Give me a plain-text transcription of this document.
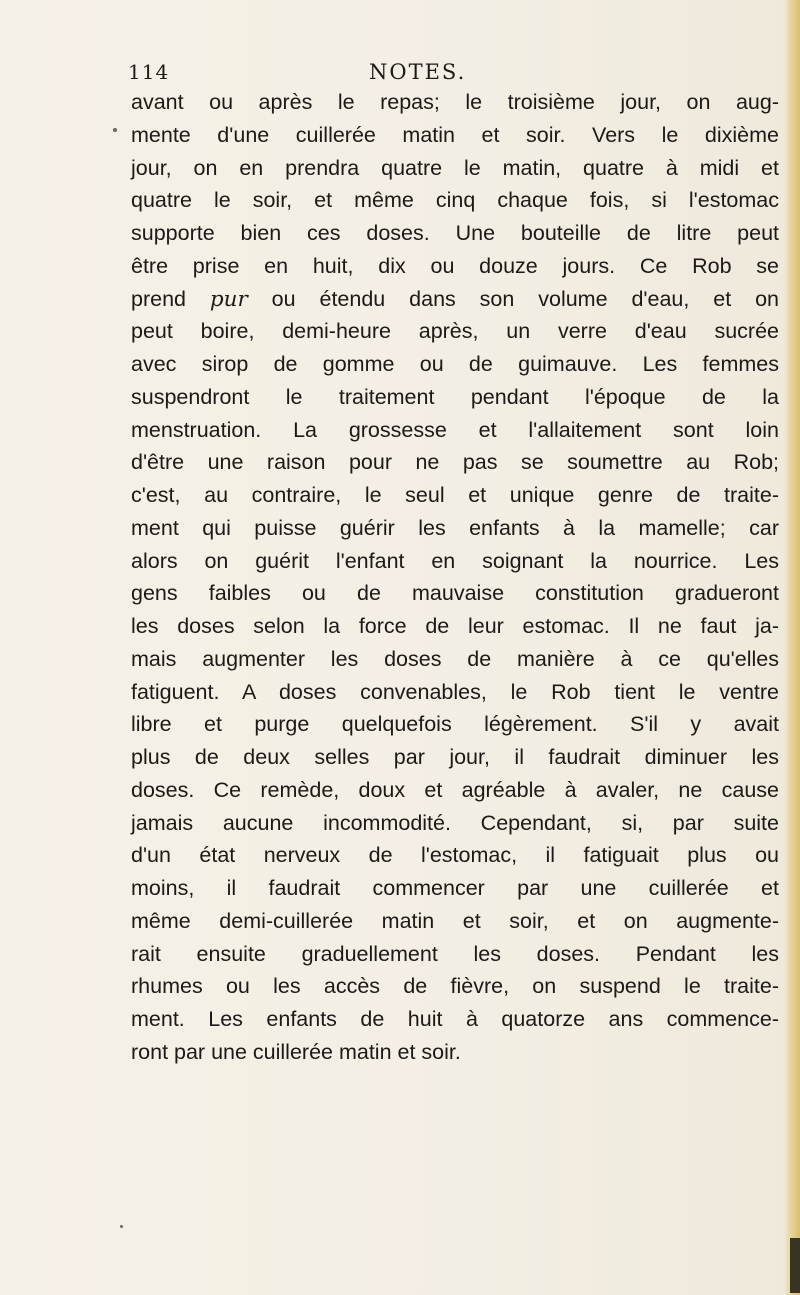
114	NOTES.
avant ou après le repas; le troisième jour, on aug-
mente d'une cuillerée matin et soir. Vers le dixième
jour, on en prendra quatre le matin, quatre à midi et
quatre le soir, et même cinq chaque fois, si l'estomac
supporte bien ces doses. Une bouteille de litre peut
être prise en huit, dix ou douze jours. Ce Rob se
prend pur ou étendu dans son volume d'eau, et on
peut boire, demi-heure après, un verre d'eau sucrée
avec sirop de gomme ou de guimauve. Les femmes
suspendront le traitement pendant l'époque de la
menstruation. La grossesse et l'allaitement sont loin
d'être une raison pour ne pas se soumettre au Rob;
c'est, au contraire, le seul et unique genre de traite-
ment qui puisse guérir les enfants à la mamelle; car
alors on guérit l'enfant en soignant la nourrice. Les
gens faibles ou de mauvaise constitution gradueront
les doses selon la force de leur estomac. Il ne faut ja-
mais augmenter les doses de manière à ce qu'elles
fatiguent. A doses convenables, le Rob tient le ventre
libre et purge quelquefois légèrement. S'il y avait
plus de deux selles par jour, il faudrait diminuer les
doses. Ce remède, doux et agréable à avaler, ne cause
jamais aucune incommodité. Cependant, si, par suite
d'un état nerveux de l'estomac, il fatiguait plus ou
moins, il faudrait commencer par une cuillerée et
même demi-cuillerée matin et soir, et on augmente-
rait ensuite graduellement les doses. Pendant les
rhumes ou les accès de fièvre, on suspend le traite-
ment. Les enfants de huit à quatorze ans commence-
ront par une cuillerée matin et soir.
